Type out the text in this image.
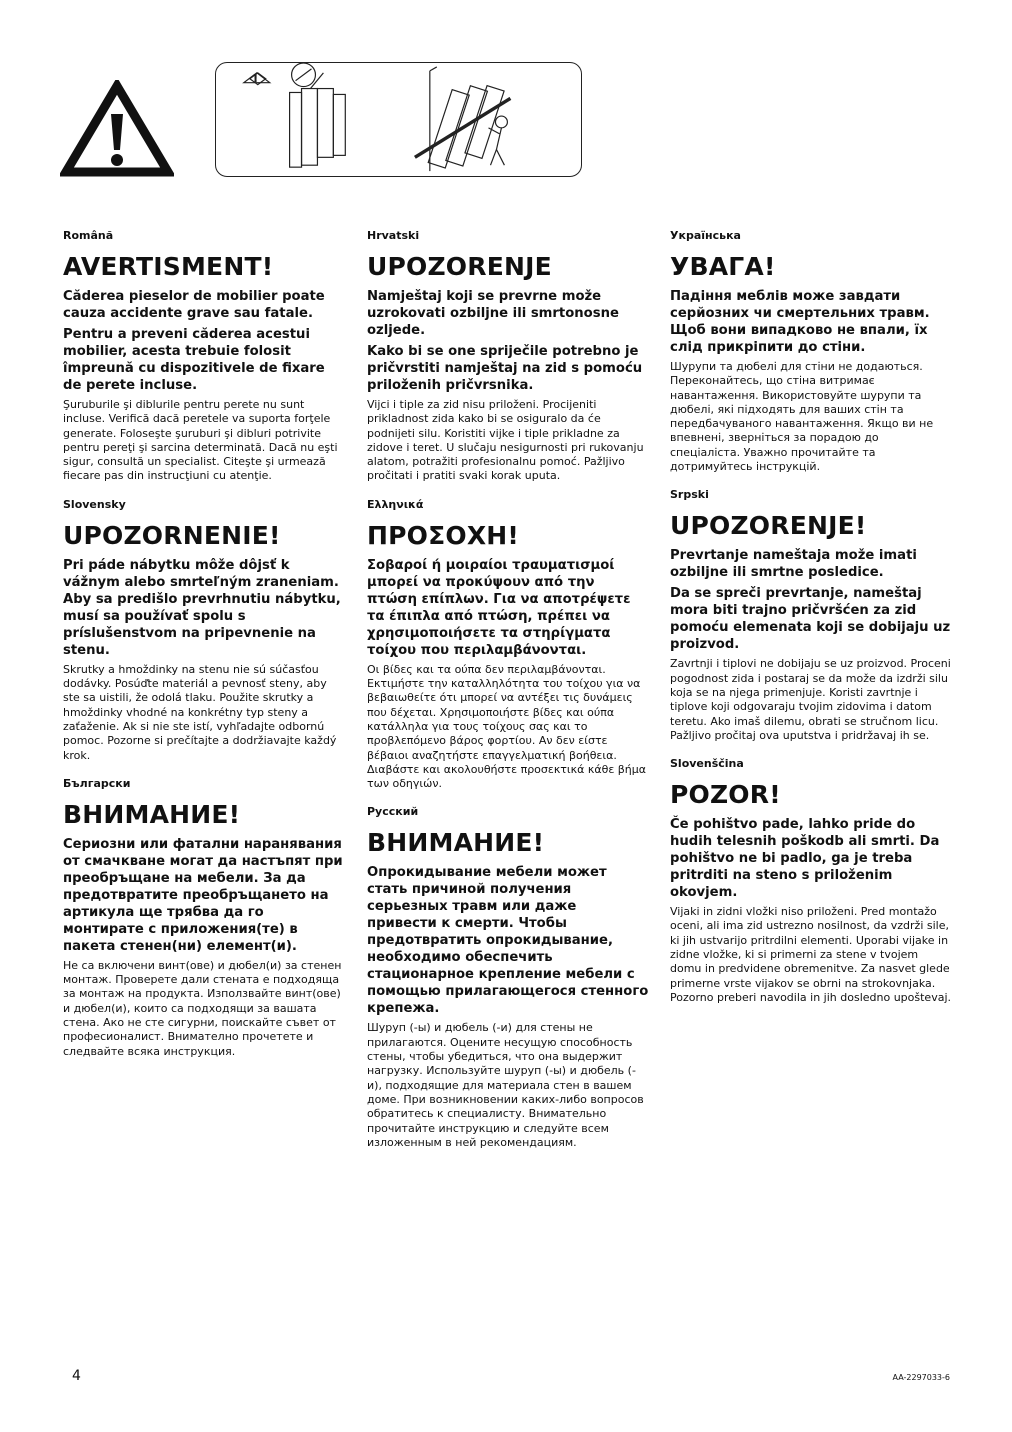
!

Română

AVERTISMENT!

Căderea pieselor de mobilier poate cauza accidente grave sau fatale.

Pentru a preveni căderea acestui mobilier, acesta trebuie folosit împreună cu dispozitivele de fixare de perete incluse.

Şuruburile şi diblurile pentru perete nu sunt incluse. Verifică dacă peretele va suporta forţele generate. Foloseşte şuruburi şi dibluri potrivite pentru pereţi şi sarcina determinată. Dacă nu eşti sigur, consultă un specialist. Citeşte şi urmează fiecare pas din instrucţiuni cu atenţie.

Slovensky

UPOZORNENIE!

Pri páde nábytku môže dôjsť k vážnym alebo smrteľným zraneniam. Aby sa predišlo prevrhnutiu nábytku, musí sa používať spolu s príslušenstvom na pripevnenie na stenu.

Skrutky a hmoždinky na stenu nie sú súčasťou dodávky. Posúďte materiál a pevnosť steny, aby ste sa uistili, že odolá tlaku. Použite skrutky a hmoždinky vhodné na konkrétny typ steny a zaťaženie. Ak si nie ste istí, vyhľadajte odbornú pomoc. Pozorne si prečítajte a dodržiavajte každý krok.

Български

ВНИМАНИЕ!

Сериозни или фатални наранявания от смачкване могат да настъпят при преобръщане на мебели. За да предотвратите преобръщането на артикула ще трябва да го монтирате с приложения(те) в пакета стенен(ни) елемент(и).

Не са включени винт(ове) и дюбел(и) за стенен монтаж. Проверете дали стената е подходяща за монтаж на продукта. Използвайте винт(ове) и дюбел(и), които са подходящи за вашата стена. Ако не сте сигурни, поискайте съвет от професионалист. Внимателно прочетете и следвайте всяка инструкция.

Hrvatski

UPOZORENJE

Namještaj koji se prevrne može uzrokovati ozbiljne ili smrtonosne ozljede.

Kako bi se one spriječile potrebno je pričvrstiti namještaj na zid s pomoću priloženih pričvrsnika.

Vijci i tiple za zid nisu priloženi. Procijeniti prikladnost zida kako bi se osiguralo da će podnijeti silu. Koristiti vijke i tiple prikladne za zidove i teret. U slučaju nesigurnosti pri rukovanju alatom, potražiti profesionalnu pomoć. Pažljivo pročitati i pratiti svaki korak uputa.

Ελληνικά

ΠΡΟΣΟΧΗ!

Σοβαροί ή μοιραίοι τραυματισμοί μπορεί να προκύψουν από την πτώση επίπλων. Για να αποτρέψετε τα έπιπλα από πτώση, πρέπει να χρησιμοποιήσετε τα στηρίγματα τοίχου που περιλαμβάνονται.

Οι βίδες και τα ούπα δεν περιλαμβάνονται. Εκτιμήστε την καταλληλότητα του τοίχου για να βεβαιωθείτε ότι μπορεί να αντέξει τις δυνάμεις που δέχεται. Χρησιμοποιήστε βίδες και ούπα κατάλληλα για τους τοίχους σας και το προβλεπόμενο βάρος φορτίου. Αν δεν είστε βέβαιοι αναζητήστε επαγγελματική βοήθεια. Διαβάστε και ακολουθήστε προσεκτικά κάθε βήμα των οδηγιών.

Русский

ВНИМАНИЕ!

Опрокидывание мебели может стать причиной получения серьезных травм или даже привести к смерти. Чтобы предотвратить опрокидывание, необходимо обеспечить стационарное крепление мебели с помощью прилагающегося стенного крепежа.

Шуруп (-ы) и дюбель (-и) для стены не прилагаются. Оцените несущую способность стены, чтобы убедиться, что она выдержит нагрузку. Используйте шуруп (-ы) и дюбель (-и), подходящие для материала стен в вашем доме. При возникновении каких-либо вопросов обратитесь к специалисту. Внимательно прочитайте инструкцию и следуйте всем изложенным в ней рекомендациям.

Українська

УВАГА!

Падіння меблів може завдати серйозних чи смертельних травм. Щоб вони випадково не впали, їх слід прикріпити до стіни.

Шурупи та дюбелі для стіни не додаються. Переконайтесь, що стіна витримає навантаження. Використовуйте шурупи та дюбелі, які підходять для ваших стін та передбачуваного навантаження. Якщо ви не впевнені, зверніться за порадою до спеціаліста. Уважно прочитайте та дотримуйтесь інструкцій.

Srpski

UPOZORENJE!

Prevrtanje nameštaja može imati ozbiljne ili smrtne posledice.

Da se spreči prevrtanje, nameštaj mora biti trajno pričvršćen za zid pomoću elemenata koji se dobijaju uz proizvod.

Zavrtnji i tiplovi ne dobijaju se uz proizvod. Proceni pogodnost zida i postaraj se da može da izdrži silu koja se na njega primenjuje. Koristi zavrtnje i tiplove koji odgovaraju tvojim zidovima i datom teretu. Ako imaš dilemu, obrati se stručnom licu. Pažljivo pročitaj ova uputstva i pridržavaj ih se.

Slovenščina

POZOR!

Če pohištvo pade, lahko pride do hudih telesnih poškodb ali smrti. Da pohištvo ne bi padlo, ga je treba pritrditi na steno s priloženim okovjem.

Vijaki in zidni vložki niso priloženi. Pred montažo oceni, ali ima zid ustrezno nosilnost, da vzdrži sile, ki jih ustvarijo pritrdilni elementi. Uporabi vijake in zidne vložke, ki si primerni za stene v tvojem domu in predvidene obremenitve. Za nasvet glede primerne vrste vijakov se obrni na strokovnjaka. Pozorno preberi navodila in jih dosledno upoštevaj.

4	AA-2297033-6
